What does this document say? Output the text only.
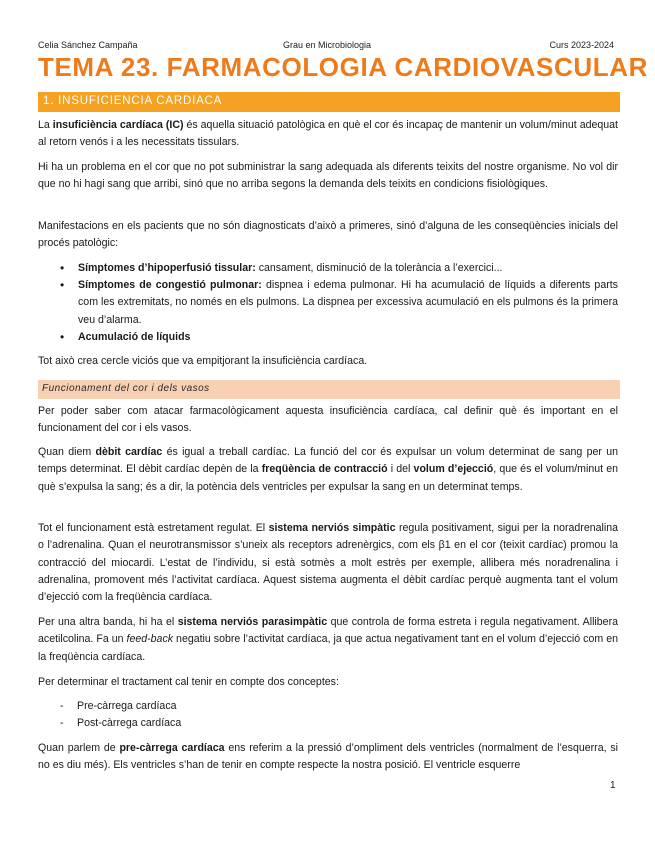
Celia Sánchez Campaña	Grau en Microbiologia	Curs 2023-2024
TEMA 23. FARMACOLOGIA CARDIOVASCULAR
1. INSUFICIENCIA CARDIACA
La insuficiència cardíaca (IC) és aquella situació patològica en què el cor és incapaç de mantenir un volum/minut adequat al retorn venós i a les necessitats tissulars.
Hi ha un problema en el cor que no pot subministrar la sang adequada als diferents teixits del nostre organisme. No vol dir que no hi hagi sang que arribi, sinó que no arriba segons la demanda dels teixits en condicions fisiològiques.
Manifestacions en els pacients que no són diagnosticats d’això a primeres, sinó d’alguna de les conseqüències inicials del procés patològic:
• Símptomes d’hipoperfusió tissular: cansament, disminució de la tolerància a l’exercici...
• Símptomes de congestió pulmonar: dispnea i edema pulmonar. Hi ha acumulació de líquids a diferents parts com les extremitats, no només en els pulmons. La dispnea per excessiva acumulació en els pulmons és la primera veu d’alarma.
• Acumulació de líquids
Tot això crea cercle viciós que va empitjorant la insuficiència cardíaca.
Funcionament del cor i dels vasos
Per poder saber com atacar farmacològicament aquesta insuficiència cardíaca, cal definir què és important en el funcionament del cor i els vasos.
Quan diem dèbit cardíac és igual a treball cardíac. La funció del cor és expulsar un volum determinat de sang per un temps determinat. El dèbit cardíac depèn de la freqüència de contracció i del volum d’ejecció, que és el volum/minut en què s’expulsa la sang; és a dir, la potència dels ventricles per expulsar la sang en un determinat temps.
Tot el funcionament està estretament regulat. El sistema nerviós simpàtic regula positivament, sigui per la noradrenalina o l’adrenalina. Quan el neurotransmissor s’uneix als receptors adrenèrgics, com els β1 en el cor (teixit cardíac) promou la contracció del miocardi. L’estat de l’individu, si està sotmès a molt estrès per exemple, allibera més noradrenalina i adrenalina, promovent més l’activitat cardíaca. Aquest sistema augmenta el dèbit cardíac perquè augmenta tant el volum d’ejecció com la freqüència cardíaca.
Per una altra banda, hi ha el sistema nerviós parasimpàtic que controla de forma estreta i regula negativament. Allibera acetilcolina. Fa un feed-back negatiu sobre l’activitat cardíaca, ja que actua negativament tant en el volum d’ejecció com en la freqüència cardíaca.
Per determinar el tractament cal tenir en compte dos conceptes:
- Pre-càrrega cardíaca
- Post-càrrega cardíaca
Quan parlem de pre-càrrega cardíaca ens referim a la pressió d’ompliment dels ventricles (normalment de l’esquerra, si no es diu més). Els ventricles s’han de tenir en compte respecte la nostra posició. El ventricle esquerre
1
